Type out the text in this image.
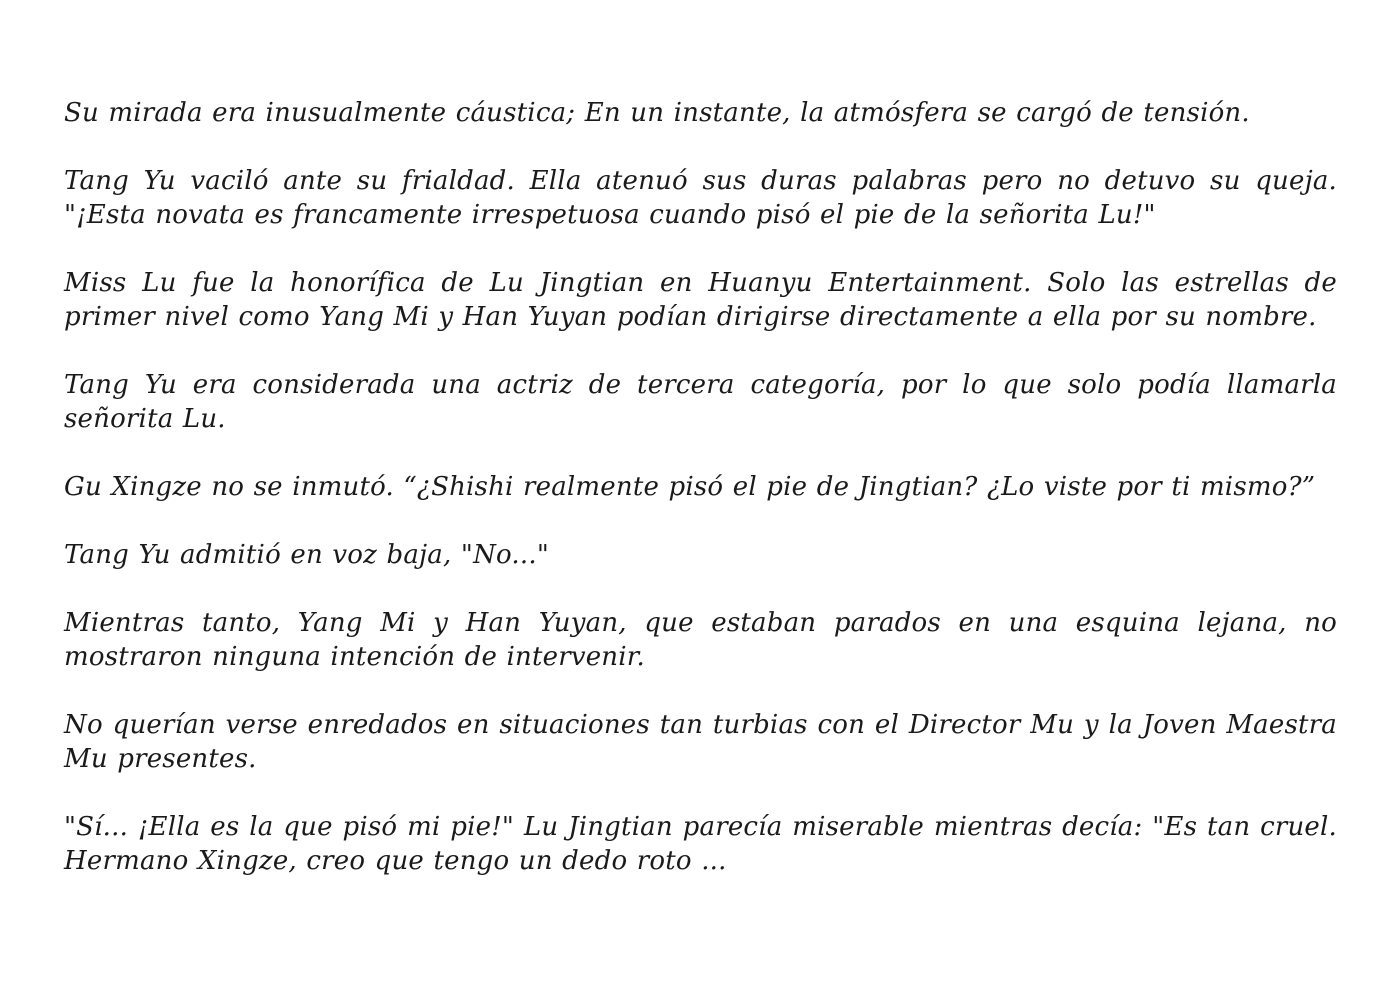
Su mirada era inusualmente cáustica; En un instante, la atmósfera se cargó de tensión.

Tang Yu vaciló ante su frialdad. Ella atenuó sus duras palabras pero no detuvo su queja. "¡Esta novata es francamente irrespetuosa cuando pisó el pie de la señorita Lu!"

Miss Lu fue la honorífica de Lu Jingtian en Huanyu Entertainment. Solo las estrellas de primer nivel como Yang Mi y Han Yuyan podían dirigirse directamente a ella por su nombre.

Tang Yu era considerada una actriz de tercera categoría, por lo que solo podía llamarla señorita Lu.

Gu Xingze no se inmutó. “¿Shishi realmente pisó el pie de Jingtian? ¿Lo viste por ti mismo?”

Tang Yu admitió en voz baja, "No..."

Mientras tanto, Yang Mi y Han Yuyan, que estaban parados en una esquina lejana, no mostraron ninguna intención de intervenir.

No querían verse enredados en situaciones tan turbias con el Director Mu y la Joven Maestra Mu presentes.

"Sí... ¡Ella es la que pisó mi pie!" Lu Jingtian parecía miserable mientras decía: "Es tan cruel. Hermano Xingze, creo que tengo un dedo roto ...
